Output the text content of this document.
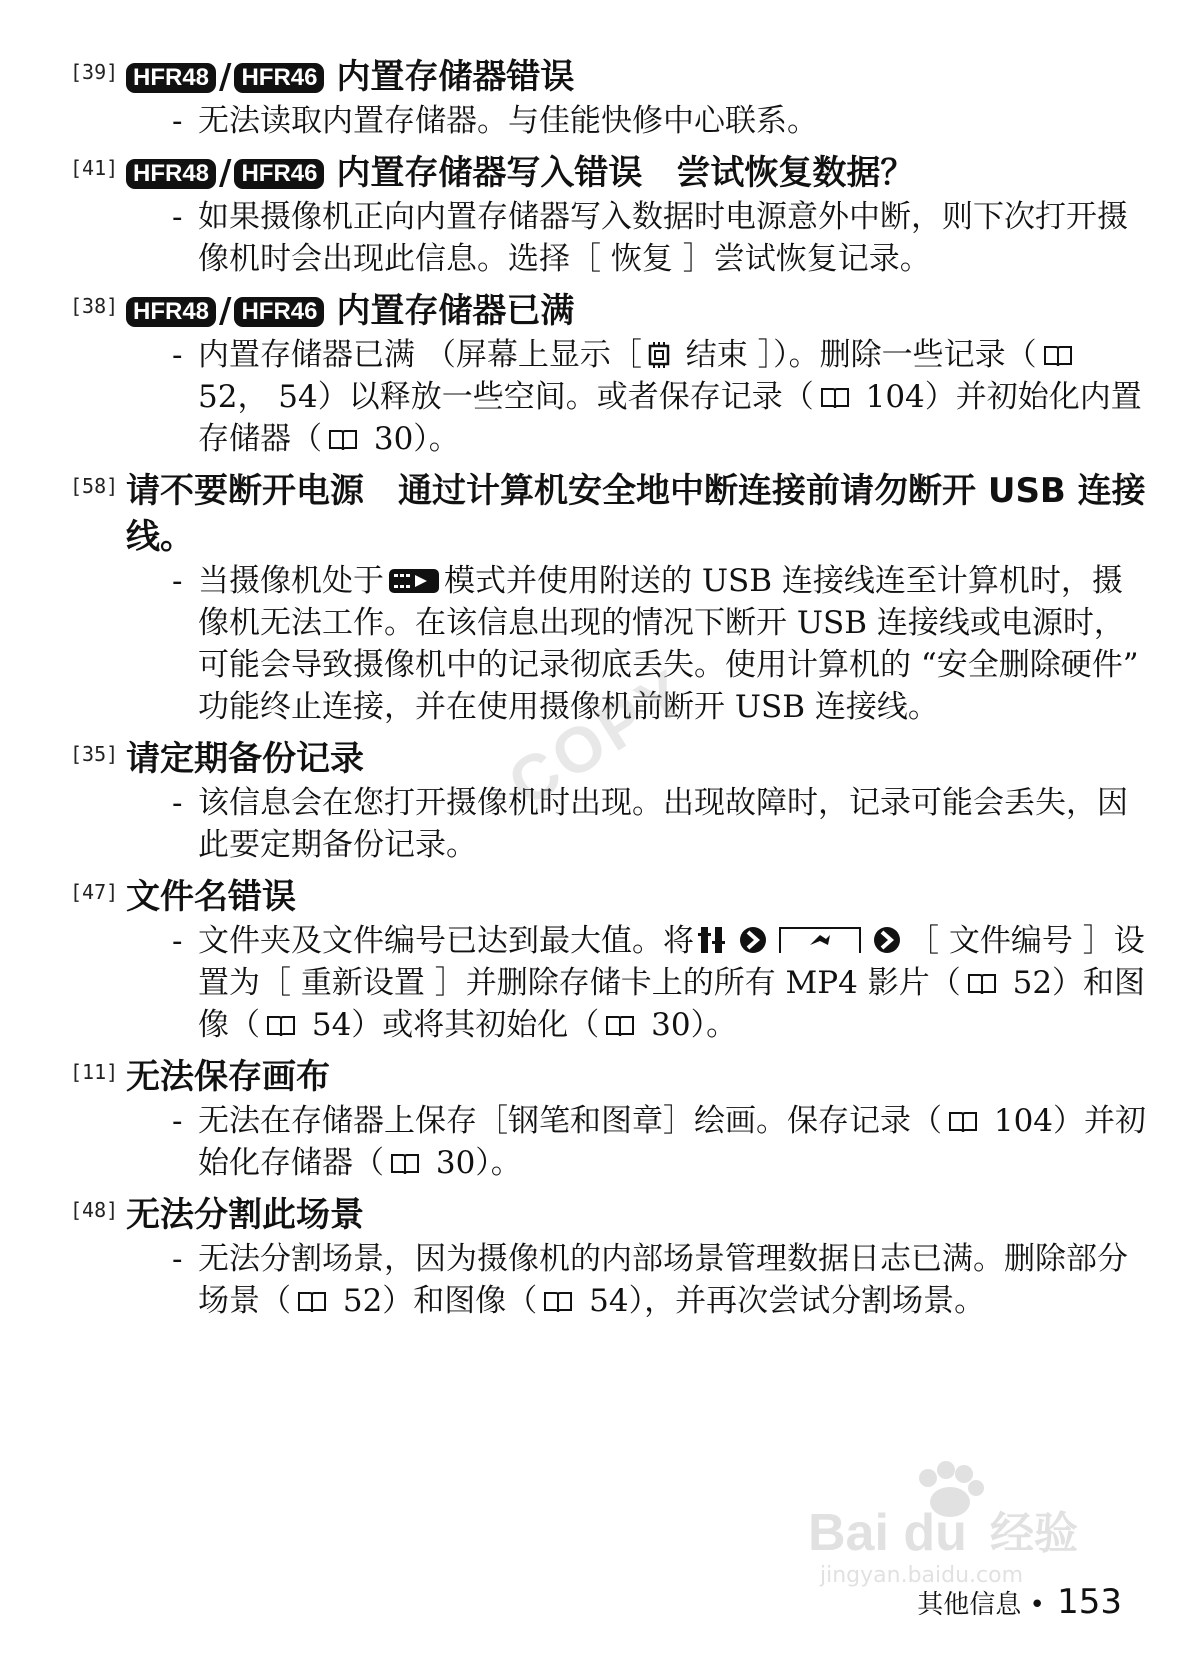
[39] HFR48 / HFR46 内置存储器错误
- 无法读取内置存储器。与佳能快修中心联系。
[41] HFR48 / HFR46 内置存储器写入错误　尝试恢复数据？
- 如果摄像机正向内置存储器写入数据时电源意外中断，则下次打开摄像机时会出现此信息。选择［ 恢复 ］尝试恢复记录。
[38] HFR48 / HFR46 内置存储器已满
- 内置存储器已满 （屏幕上显示［ 结束 ］）。删除一些记录（ 52， 54）以释放一些空间。或者保存记录（ 104）并初始化内置存储器（ 30）。
[58] 请不要断开电源　通过计算机安全地中断连接前请勿断开 USB 连接线。
- 当摄像机处于 模式并使用附送的 USB 连接线连至计算机时，摄像机无法工作。在该信息出现的情况下断开 USB 连接线或电源时，可能会导致摄像机中的记录彻底丢失。使用计算机的 “安全删除硬件” 功能终止连接，并在使用摄像机前断开 USB 连接线。
[35] 请定期备份记录
- 该信息会在您打开摄像机时出现。出现故障时，记录可能会丢失，因此要定期备份记录。
[47] 文件名错误
- 文件夹及文件编号已达到最大值。将	［ 文件编号 ］设置为［ 重新设置 ］并删除存储卡上的所有 MP4 影片（ 52）和图像（ 54）或将其初始化（ 30）。
[11] 无法保存画布
- 无法在存储器上保存［钢笔和图章］绘画。保存记录（ 104）并初始化存储器（ 30）。
[48] 无法分割此场景
- 无法分割场景，因为摄像机的内部场景管理数据日志已满。删除部分场景（ 52）和图像（ 54），并再次尝试分割场景。
COPY
Bai du 经验
jingyan.baidu.com
其他信息 • 153
